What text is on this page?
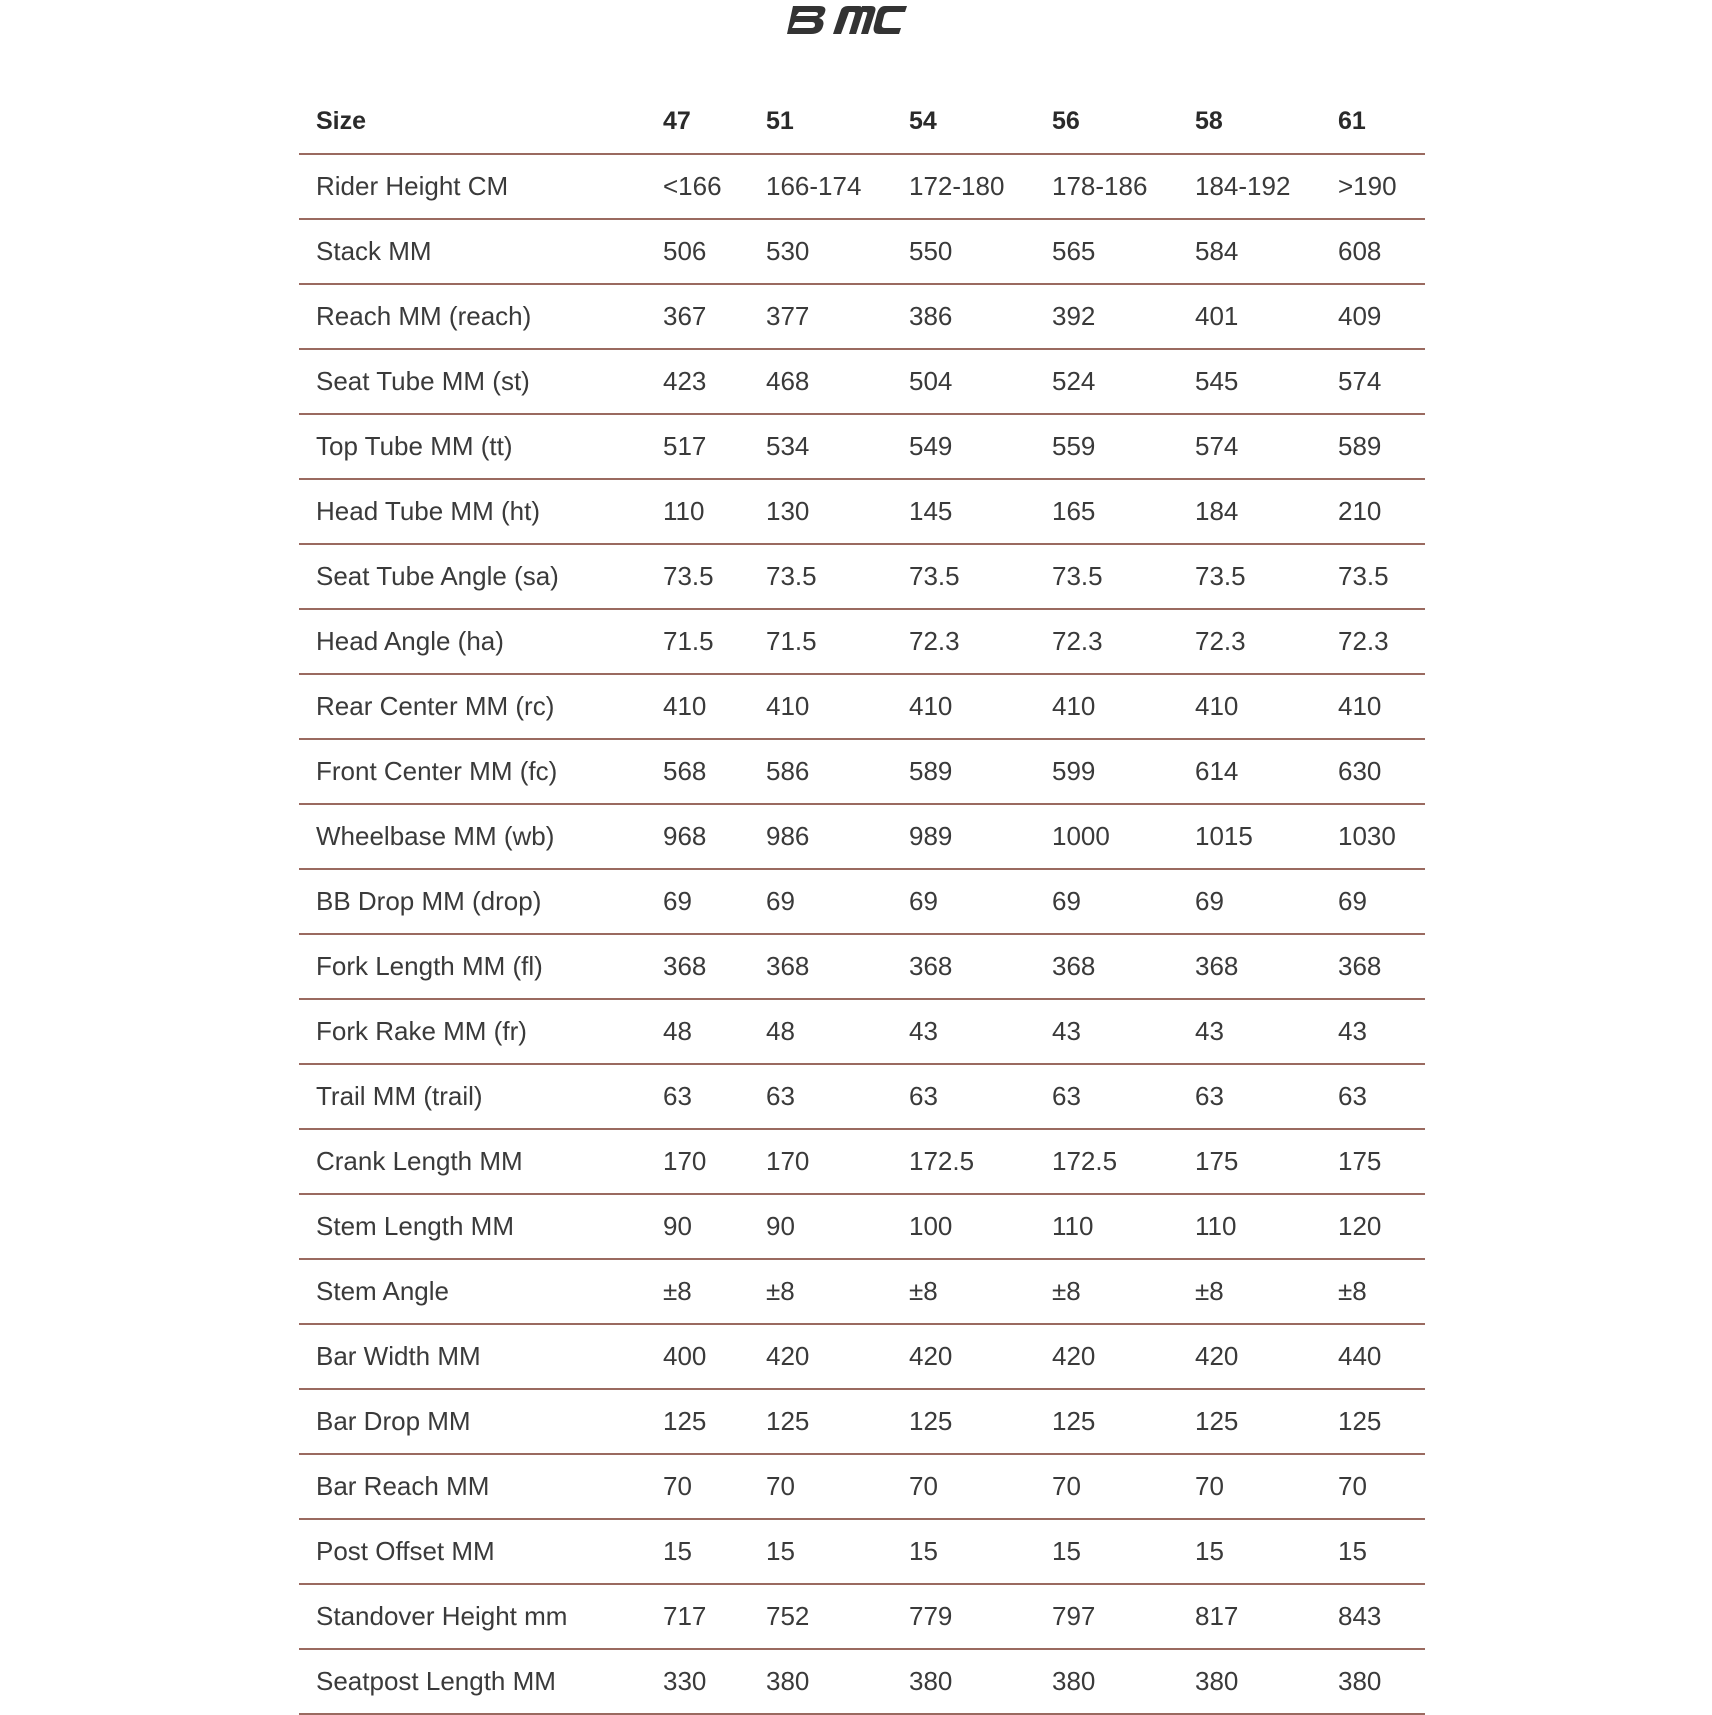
Size	47	51	54	56	58	61
Rider Height CM	<166	166-174	172-180	178-186	184-192	>190
Stack MM	506	530	550	565	584	608
Reach MM (reach)	367	377	386	392	401	409
Seat Tube MM (st)	423	468	504	524	545	574
Top Tube MM (tt)	517	534	549	559	574	589
Head Tube MM (ht)	110	130	145	165	184	210
Seat Tube Angle (sa)	73.5	73.5	73.5	73.5	73.5	73.5
Head Angle (ha)	71.5	71.5	72.3	72.3	72.3	72.3
Rear Center MM (rc)	410	410	410	410	410	410
Front Center MM (fc)	568	586	589	599	614	630
Wheelbase MM (wb)	968	986	989	1000	1015	1030
BB Drop MM (drop)	69	69	69	69	69	69
Fork Length MM (fl)	368	368	368	368	368	368
Fork Rake MM (fr)	48	48	43	43	43	43
Trail MM (trail)	63	63	63	63	63	63
Crank Length MM	170	170	172.5	172.5	175	175
Stem Length MM	90	90	100	110	110	120
Stem Angle	±8	±8	±8	±8	±8	±8
Bar Width MM	400	420	420	420	420	440
Bar Drop MM	125	125	125	125	125	125
Bar Reach MM	70	70	70	70	70	70
Post Offset MM	15	15	15	15	15	15
Standover Height mm	717	752	779	797	817	843
Seatpost Length MM	330	380	380	380	380	380
